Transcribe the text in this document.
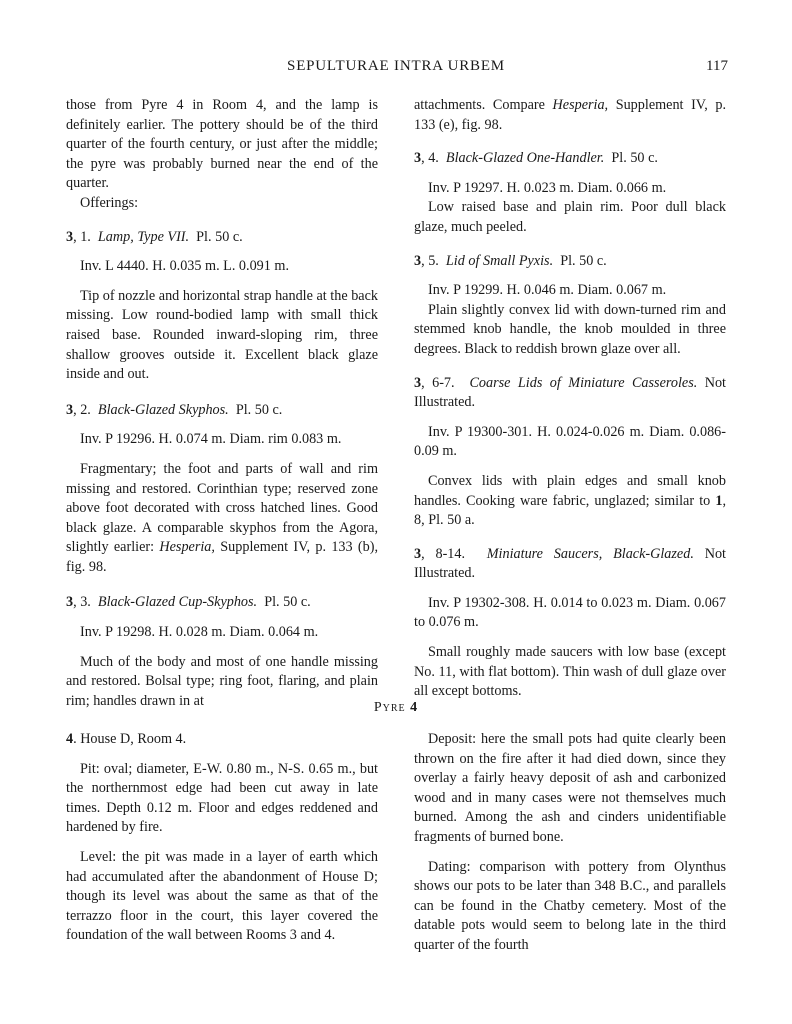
SEPULTURAE INTRA URBEM	117

those from Pyre 4 in Room 4, and the lamp is definitely earlier. The pottery should be of the third quarter of the fourth century, or just after the middle; the pyre was probably burned near the end of the quarter.

Offerings:

3, 1. Lamp, Type VII. Pl. 50 c.

Inv. L 4440. H. 0.035 m. L. 0.091 m.

Tip of nozzle and horizontal strap handle at the back missing. Low round-bodied lamp with small thick raised base. Rounded inward-sloping rim, three shallow grooves outside it. Excellent black glaze inside and out.

3, 2. Black-Glazed Skyphos. Pl. 50 c.

Inv. P 19296. H. 0.074 m. Diam. rim 0.083 m.

Fragmentary; the foot and parts of wall and rim missing and restored. Corinthian type; reserved zone above foot decorated with cross hatched lines. Good black glaze. A comparable skyphos from the Agora, slightly earlier: Hesperia, Supplement IV, p. 133 (b), fig. 98.

3, 3. Black-Glazed Cup-Skyphos. Pl. 50 c.

Inv. P 19298. H. 0.028 m. Diam. 0.064 m.

Much of the body and most of one handle missing and restored. Bolsal type; ring foot, flaring, and plain rim; handles drawn in at

attachments. Compare Hesperia, Supplement IV, p. 133 (e), fig. 98.

3, 4. Black-Glazed One-Handler. Pl. 50 c.

Inv. P 19297. H. 0.023 m. Diam. 0.066 m.

Low raised base and plain rim. Poor dull black glaze, much peeled.

3, 5. Lid of Small Pyxis. Pl. 50 c.

Inv. P 19299. H. 0.046 m. Diam. 0.067 m.

Plain slightly convex lid with down-turned rim and stemmed knob handle, the knob moulded in three degrees. Black to reddish brown glaze over all.

3, 6-7. Coarse Lids of Miniature Casseroles. Not Illustrated.

Inv. P 19300-301. H. 0.024-0.026 m. Diam. 0.086-0.09 m.

Convex lids with plain edges and small knob handles. Cooking ware fabric, unglazed; similar to 1, 8, Pl. 50 a.

3, 8-14. Miniature Saucers, Black-Glazed. Not Illustrated.

Inv. P 19302-308. H. 0.014 to 0.023 m. Diam. 0.067 to 0.076 m.

Small roughly made saucers with low base (except No. 11, with flat bottom). Thin wash of dull glaze over all except bottoms.

Pyre 4

4. House D, Room 4.

Pit: oval; diameter, E-W. 0.80 m., N-S. 0.65 m., but the northernmost edge had been cut away in late times. Depth 0.12 m. Floor and edges reddened and hardened by fire.

Level: the pit was made in a layer of earth which had accumulated after the abandonment of House D; though its level was about the same as that of the terrazzo floor in the court, this layer covered the foundation of the wall between Rooms 3 and 4.

Deposit: here the small pots had quite clearly been thrown on the fire after it had died down, since they overlay a fairly heavy deposit of ash and carbonized wood and in many cases were not themselves much burned. Among the ash and cinders unidentifiable fragments of burned bone.

Dating: comparison with pottery from Olynthus shows our pots to be later than 348 B.C., and parallels can be found in the Chatby cemetery. Most of the datable pots would seem to belong late in the third quarter of the fourth
